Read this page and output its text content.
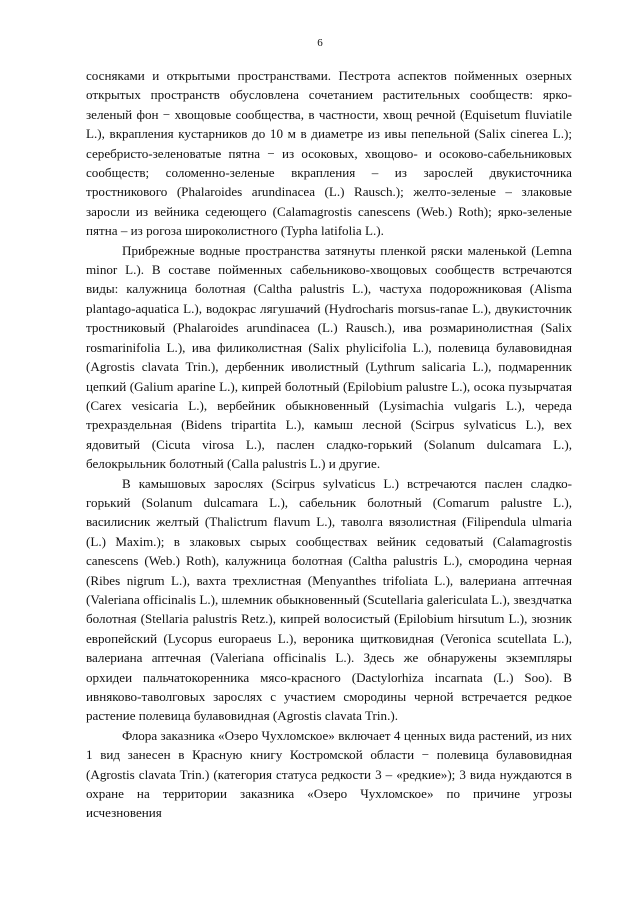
6

сосняками и открытыми пространствами. Пестрота аспектов пойменных озерных открытых пространств обусловлена сочетанием растительных сообществ: ярко-зеленый фон − хвощовые сообщества, в частности, хвощ речной (Equisetum fluviatile L.), вкрапления кустарников до 10 м в диаметре из ивы пепельной (Salix cinerea L.); серебристо-зеленоватые пятна − из осоковых, хвощово- и осоково-сабельниковых сообществ; соломенно-зеленые вкрапления – из зарослей двукисточника тростникового (Phalaroides arundinacea (L.) Rausch.); желто-зеленые – злаковые заросли из вейника седеющего (Calamagrostis canescens (Web.) Roth); ярко-зеленые пятна – из рогоза широколистного (Typha latifolia L.).

Прибрежные водные пространства затянуты пленкой ряски маленькой (Lemna minor L.). В составе пойменных сабельниково-хвощовых сообществ встречаются виды: калужница болотная (Caltha palustris L.), частуха подорожниковая (Alisma plantago-aquatica L.), водокрас лягушачий (Hydrocharis morsus-ranae L.), двукисточник тростниковый (Phalaroides arundinacea (L.) Rausch.), ива розмаринолистная (Salix rosmarinifolia L.), ива филиколистная (Salix phylicifolia L.), полевица булавовидная (Agrostis clavata Trin.), дербенник иволистный (Lythrum salicaria L.), подмаренник цепкий (Galium aparine L.), кипрей болотный (Epilobium palustre L.), осока пузырчатая (Carex vesicaria L.), вербейник обыкновенный (Lysimachia vulgaris L.), череда трехраздельная (Bidens tripartita L.), камыш лесной (Scirpus sylvaticus L.), вех ядовитый (Cicuta virosa L.), паслен сладко-горький (Solanum dulcamara L.), белокрыльник болотный (Calla palustris L.) и другие.

В камышовых зарослях (Scirpus sylvaticus L.) встречаются паслен сладко-горький (Solanum dulcamara L.), сабельник болотный (Comarum palustre L.), василисник желтый (Thalictrum flavum L.), таволга вязолистная (Filipendula ulmaria (L.) Maxim.); в злаковых сырых сообществах вейник седоватый (Calamagrostis canescens (Web.) Roth), калужница болотная (Caltha palustris L.), смородина черная (Ribes nigrum L.), вахта трехлистная (Menyanthes trifoliata L.), валериана аптечная (Valeriana officinalis L.), шлемник обыкновенный (Scutellaria galericulata L.), звездчатка болотная (Stellaria palustris Retz.), кипрей волосистый (Epilobium hirsutum L.), зюзник европейский (Lycopus europaeus L.), вероника щитковидная (Veronica scutellata L.), валериана аптечная (Valeriana officinalis L.). Здесь же обнаружены экземпляры орхидеи пальчатокоренника мясо-красного (Dactylorhiza incarnata (L.) Soo). В ивняково-таволговых зарослях с участием смородины черной встречается редкое растение полевица булавовидная (Agrostis clavata Trin.).

Флора заказника «Озеро Чухломское» включает 4 ценных вида растений, из них 1 вид занесен в Красную книгу Костромской области − полевица булавовидная (Agrostis clavata Trin.) (категория статуса редкости 3 – «редкие»); 3 вида нуждаются в охране на территории заказника «Озеро Чухломское» по причине угрозы исчезновения
